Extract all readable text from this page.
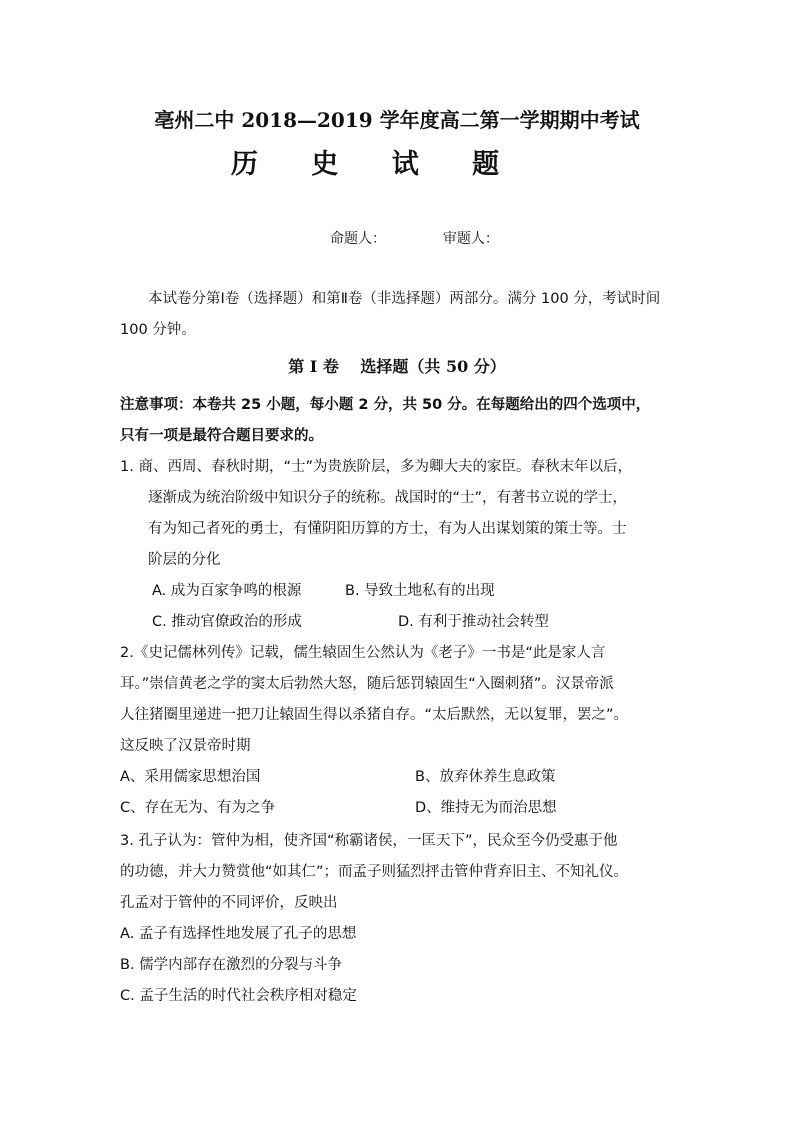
亳州二中 2018—2019 学年度高二第一学期期中考试
历 史 试 题
命题人：	审题人：
本试卷分第Ⅰ卷（选择题）和第Ⅱ卷（非选择题）两部分。满分 100 分，考试时间
100 分钟。
第 Ⅰ 卷　 选择题（共 50 分）
注意事项：本卷共 25 小题，每小题 2 分，共 50 分。在每题给出的四个选项中，
只有一项是最符合题目要求的。
1. 商、西周、春秋时期，“士”为贵族阶层，多为卿大夫的家臣。春秋末年以后，
逐渐成为统治阶级中知识分子的统称。战国时的“士”，有著书立说的学士，
有为知己者死的勇士，有懂阴阳历算的方士，有为人出谋划策的策士等。士
阶层的分化
A. 成为百家争鸣的根源	B. 导致土地私有的出现
C. 推动官僚政治的形成	D. 有利于推动社会转型
2.《史记儒林列传》记载，儒生辕固生公然认为《老子》一书是“此是家人言
耳。”崇信黄老之学的窦太后勃然大怒，随后惩罚辕固生“入圈刺猪”。汉景帝派
人往猪圈里递进一把刀让辕固生得以杀猪自存。“太后默然，无以复罪，罢之”。
这反映了汉景帝时期
A、采用儒家思想治国	B、放弃休养生息政策
C、存在无为、有为之争	D、维持无为而治思想
3. 孔子认为：管仲为相，使齐国“称霸诸侯，一匡天下”，民众至今仍受惠于他
的功德，并大力赞赏他“如其仁”；而孟子则猛烈抨击管仲背弃旧主、不知礼仪。
孔孟对于管仲的不同评价，反映出
A. 孟子有选择性地发展了孔子的思想
B. 儒学内部存在激烈的分裂与斗争
C. 孟子生活的时代社会秩序相对稳定
